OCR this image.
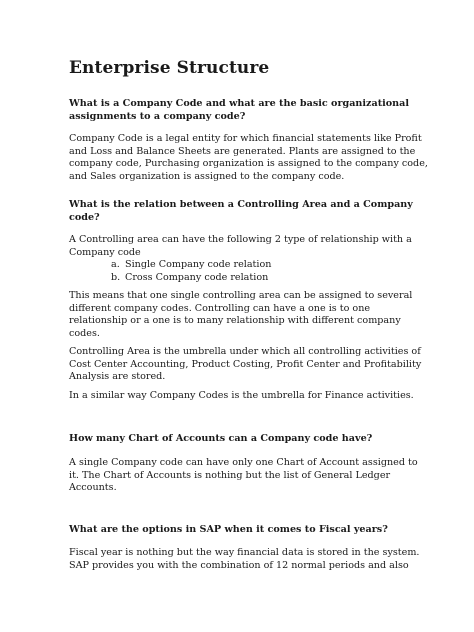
Enterprise Structure
What is a Company Code and what are the basic organizational
assignments to a company code?
Company Code is a legal entity for which financial statements like Profit
and Loss and Balance Sheets are generated. Plants are assigned to the
company code, Purchasing organization is assigned to the company code,
and Sales organization is assigned to the company code.
What is the relation between a Controlling Area and a Company
code?
A Controlling area can have the following 2 type of relationship with a
Company code
a. Single Company code relation
b. Cross Company code relation
This means that one single controlling area can be assigned to several
different company codes. Controlling can have a one is to one
relationship or a one is to many relationship with different company
codes.
Controlling Area is the umbrella under which all controlling activities of
Cost Center Accounting, Product Costing, Profit Center and Profitability
Analysis are stored.
In a similar way Company Codes is the umbrella for Finance activities.
How many Chart of Accounts can a Company code have?
A single Company code can have only one Chart of Account assigned to
it. The Chart of Accounts is nothing but the list of General Ledger
Accounts.
What are the options in SAP when it comes to Fiscal years?
Fiscal year is nothing but the way financial data is stored in the system.
SAP provides you with the combination of 12 normal periods and also
